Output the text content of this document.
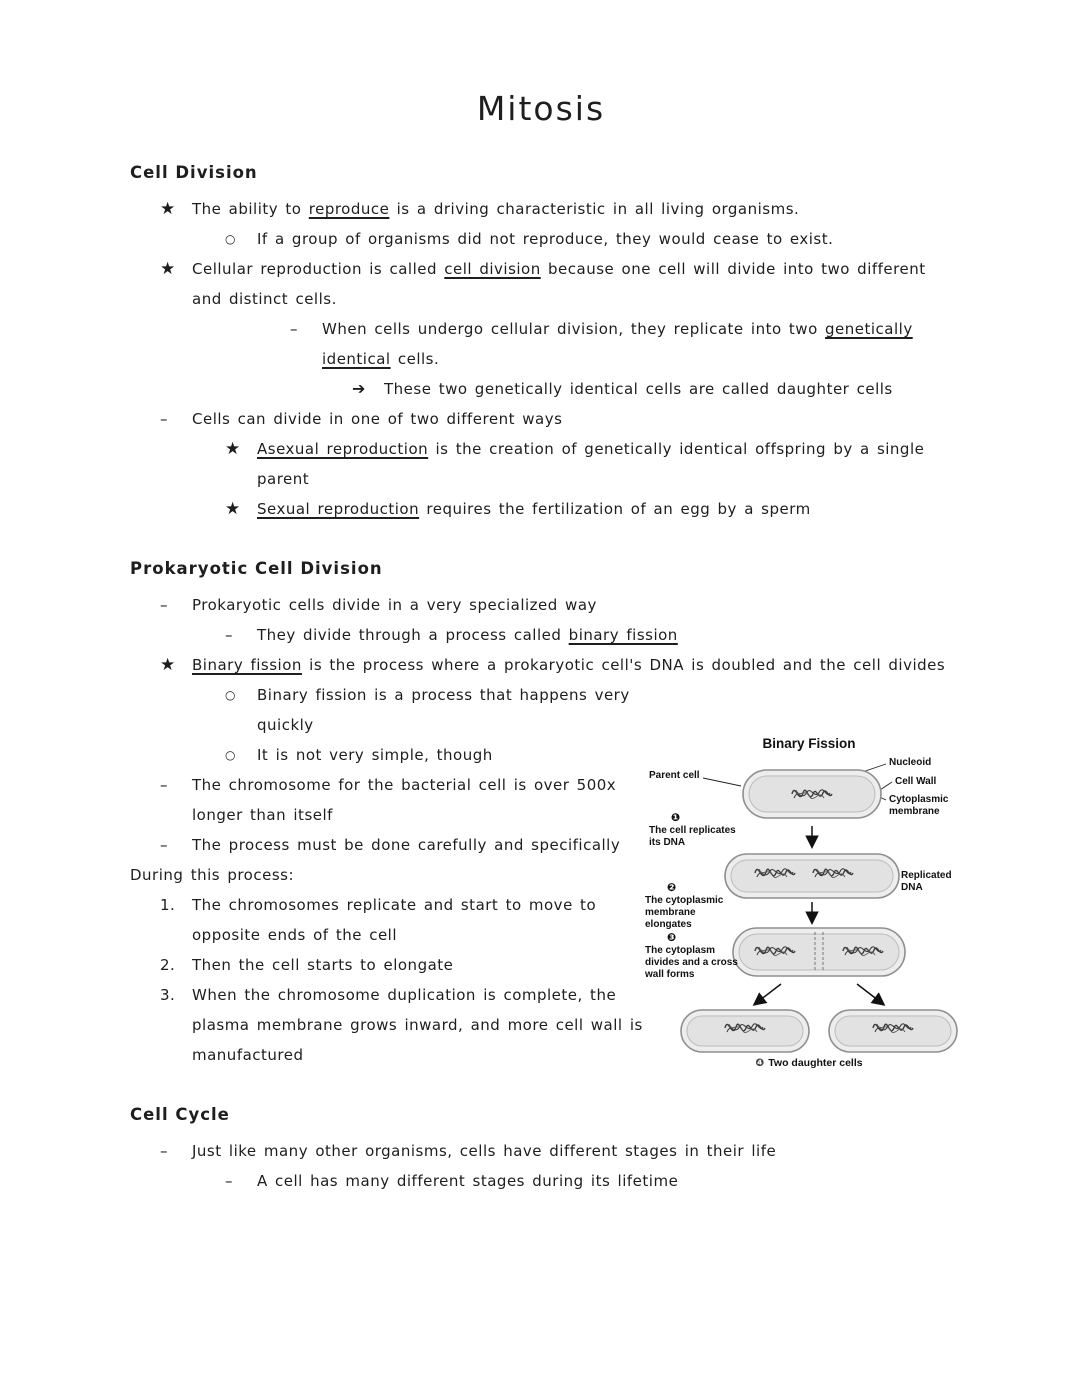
Mitosis
Cell Division
★	The ability to reproduce is a driving characteristic in all living organisms.
○	If a group of organisms did not reproduce, they would cease to exist.
★	Cellular reproduction is called cell division because one cell will divide into two different and distinct cells.
–	When cells undergo cellular division, they replicate into two genetically identical cells.
➔	These two genetically identical cells are called daughter cells
–	Cells can divide in one of two different ways
★	Asexual reproduction is the creation of genetically identical offspring by a single parent
★	Sexual reproduction requires the fertilization of an egg by a sperm
Prokaryotic Cell Division
–	Prokaryotic cells divide in a very specialized way
–	They divide through a process called binary fission
★	Binary fission is the process where a prokaryotic cell's DNA is doubled and the cell divides
○	Binary fission is a process that happens very quickly
○	It is not very simple, though
–	The chromosome for the bacterial cell is over 500x longer than itself
–	The process must be done carefully and specifically
During this process:
1.	The chromosomes replicate and start to move to opposite ends of the cell
2.	Then the cell starts to elongate
3.	When the chromosome duplication is complete, the plasma membrane grows inward, and more cell wall is manufactured
Binary Fission
Parent cell
Nucleoid
Cell Wall
Cytoplasmic membrane
Replicated DNA
❶
The cell replicates its DNA
❷
The cytoplasmic membrane elongates
❸
The cytoplasm divides and a cross wall forms
❹ Two daughter cells
Cell Cycle
–	Just like many other organisms, cells have different stages in their life
–	A cell has many different stages during its lifetime
